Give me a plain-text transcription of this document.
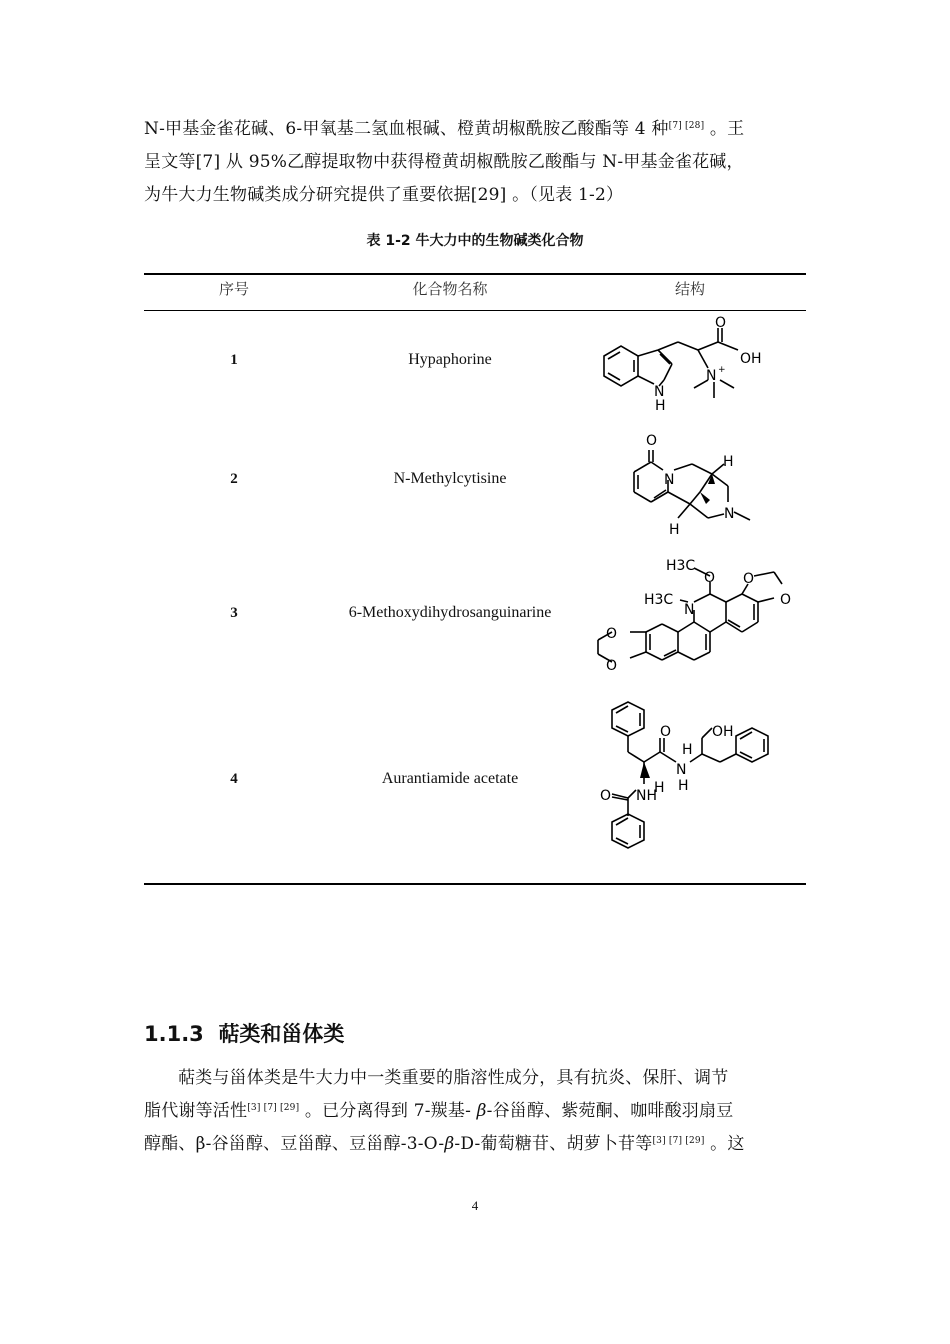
N-甲基金雀花碱、6-甲氧基二氢血根碱、橙黄胡椒酰胺乙酸酯等 4 种[7] [28] 。王
呈文等[7] 从 95%乙醇提取物中获得橙黄胡椒酰胺乙酸酯与 N-甲基金雀花碱，
为牛大力生物碱类成分研究提供了重要依据[29] 。（见表 1-2）
表 1-2 牛大力中的生物碱类化合物
序号	化合物名称	结构
1	Hypaphorine
O
OH
N +
N
H
2	N-Methylcytisine
O
N
H
N
H
3	6-Methoxydihydrosanguinarine
H3C
O
H3C
N
O
O
O
O
4	Aurantiamide acetate
OH
H
N
H
O
NH
H
O
1.1.3 萜类和甾体类
萜类与甾体类是牛大力中一类重要的脂溶性成分，具有抗炎、保肝、调节
脂代谢等活性[3] [7] [29] 。已分离得到 7-羰基- β-谷甾醇、紫菀酮、咖啡酸羽扇豆
醇酯、β-谷甾醇、豆甾醇、豆甾醇-3-O-β-D-葡萄糖苷、胡萝卜苷等[3] [7] [29] 。这
4
